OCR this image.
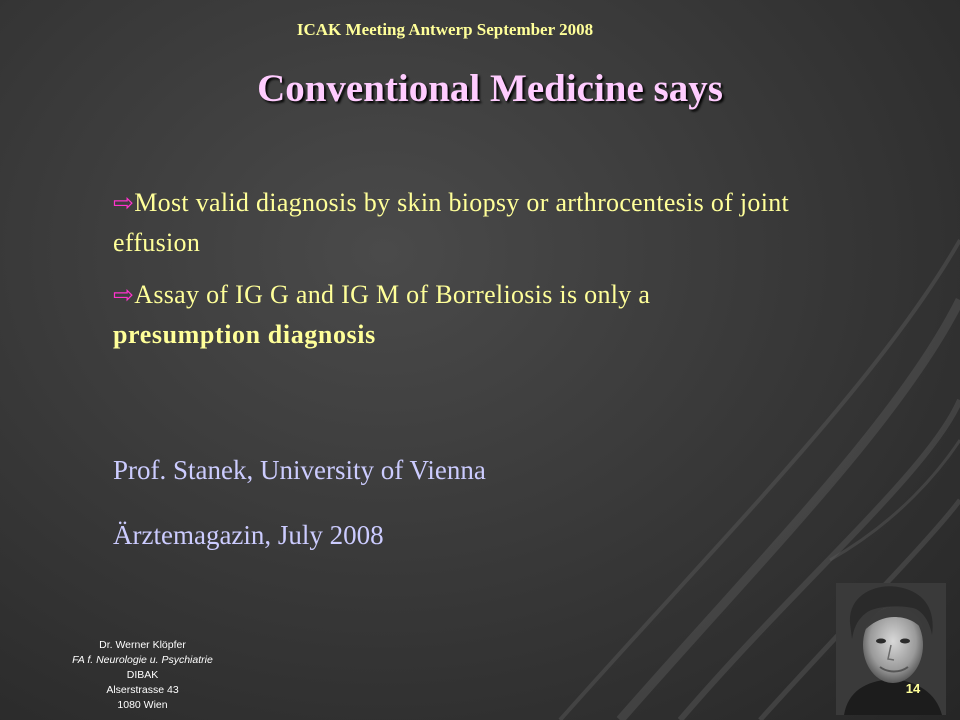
ICAK Meeting Antwerp September 2008
Conventional Medicine says
⇨Most valid diagnosis by skin biopsy or arthrocentesis of joint effusion
⇨Assay of IG G and IG M of Borreliosis is only a
presumption diagnosis
Prof. Stanek, University of Vienna
Ärztemagazin, July 2008
Dr. Werner Klöpfer
FA f. Neurologie u. Psychiatrie
DIBAK
Alserstrasse 43
1080 Wien
14
